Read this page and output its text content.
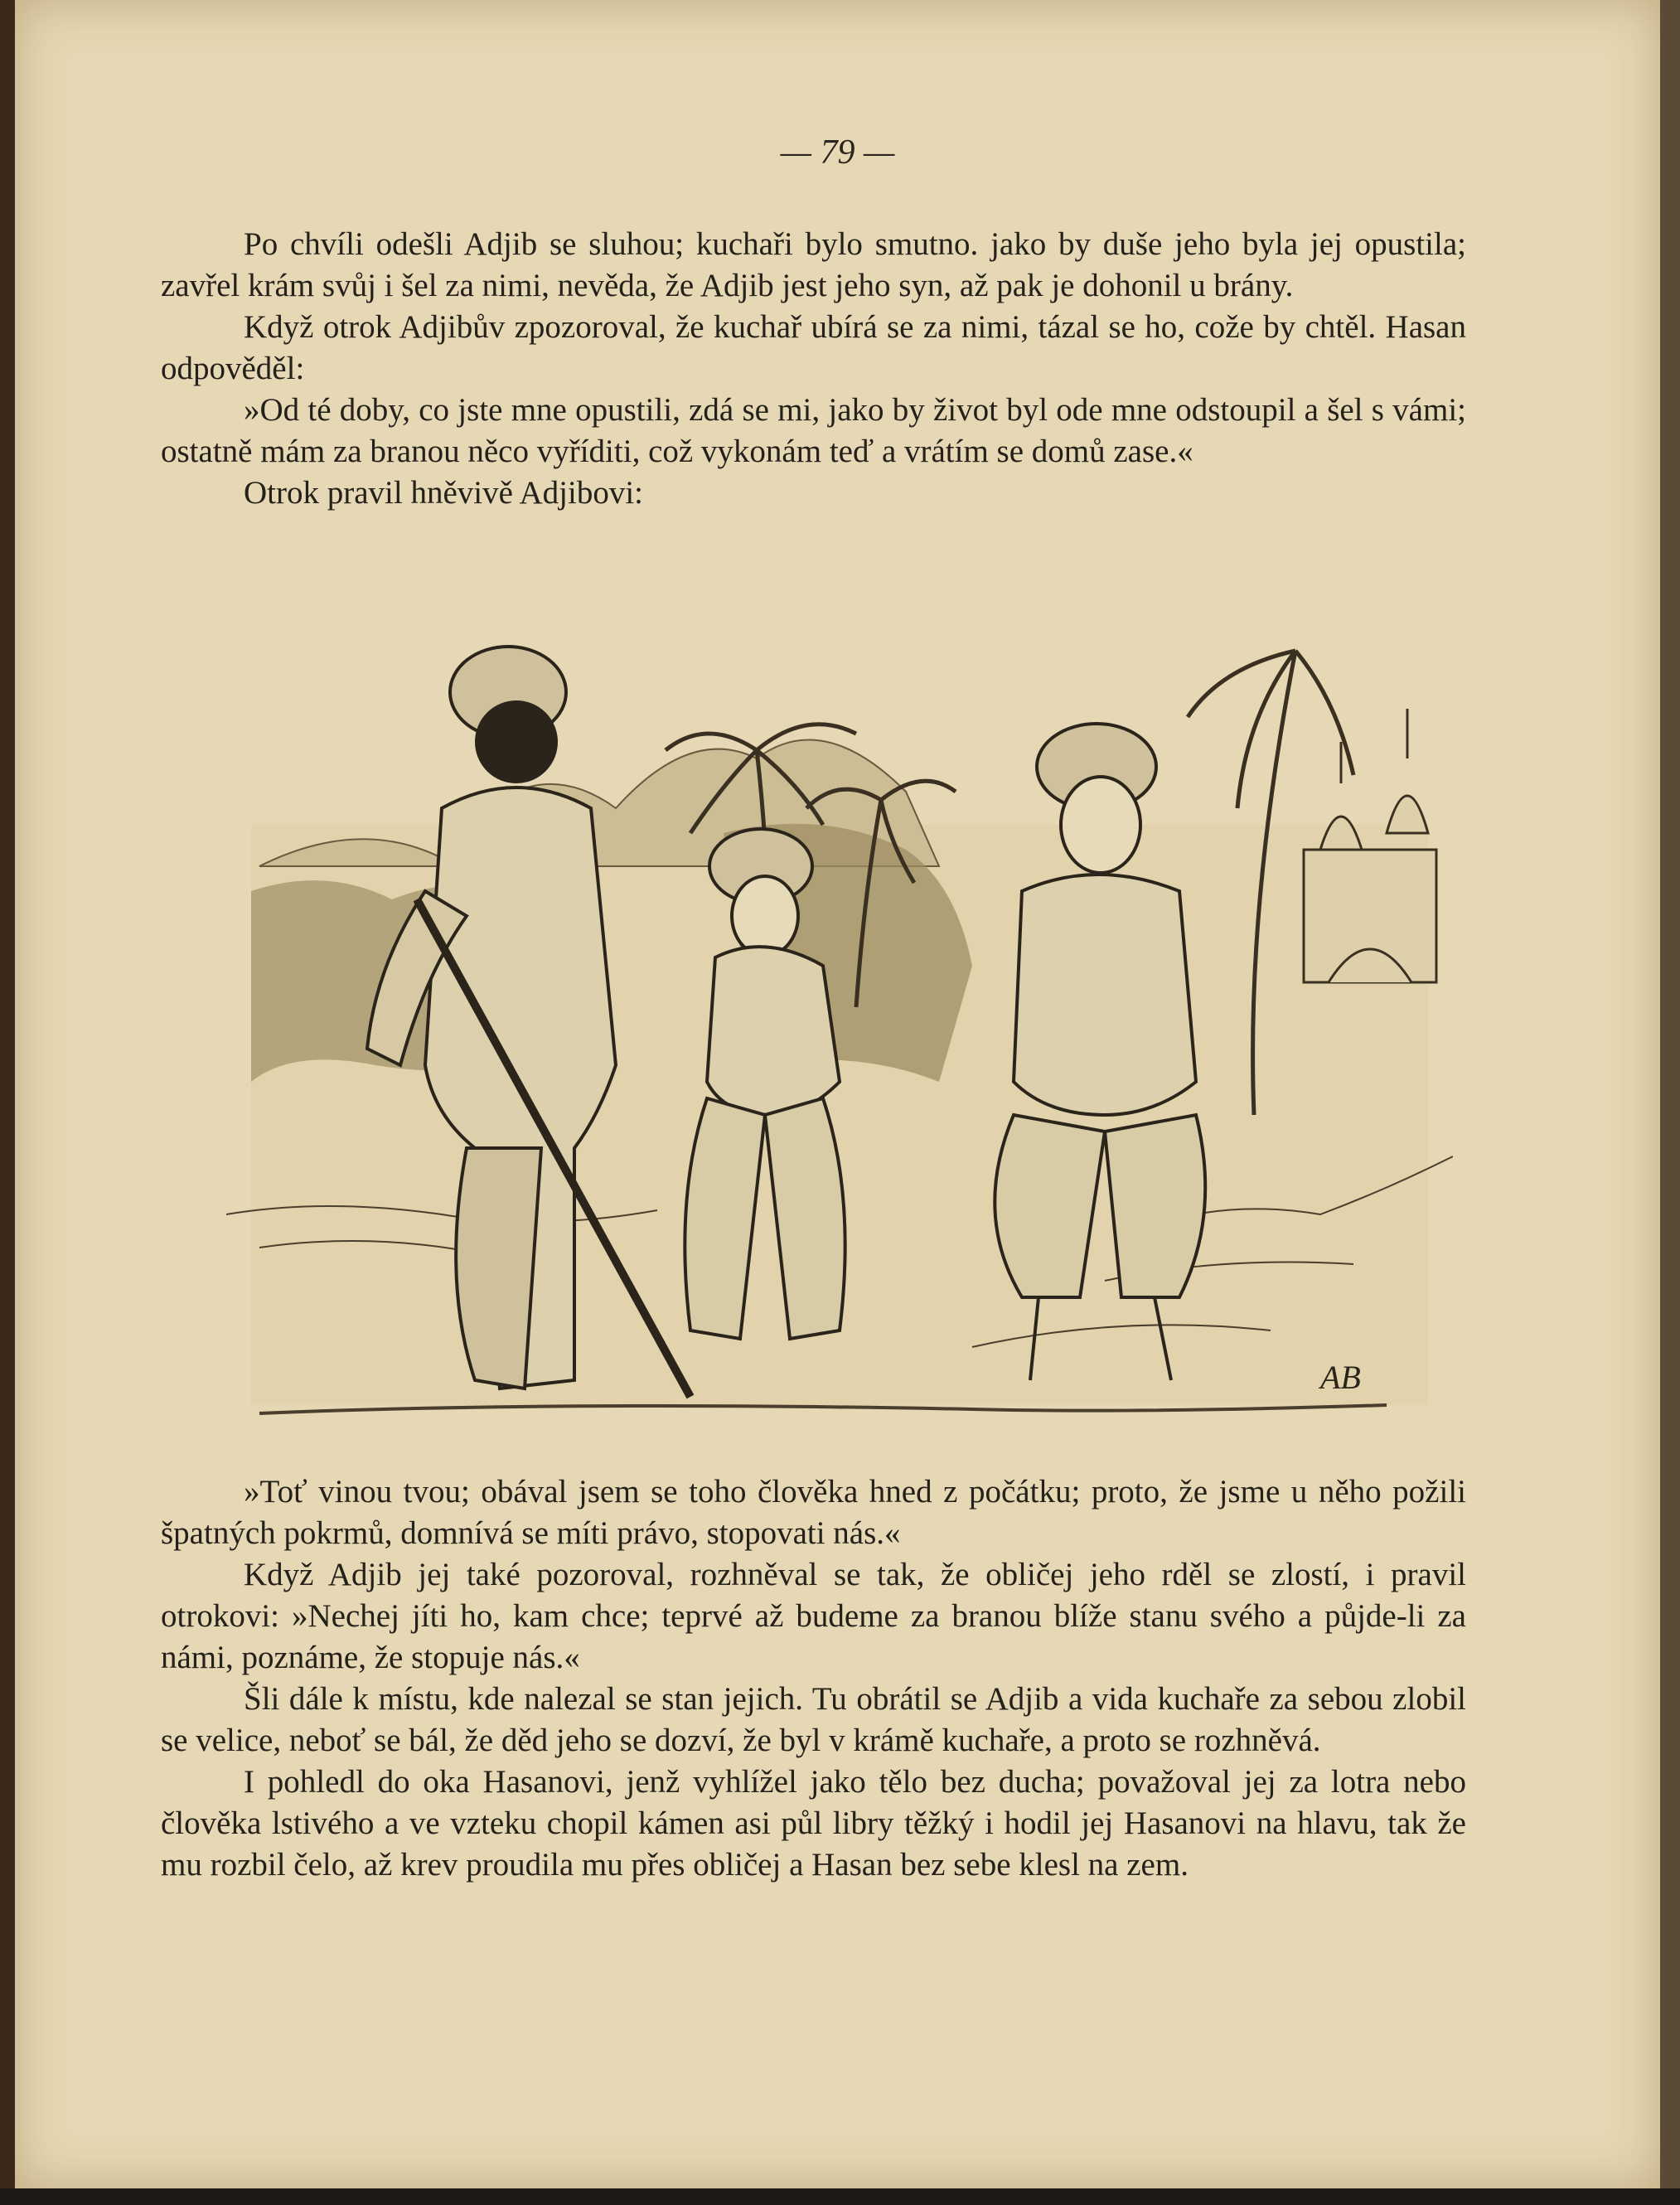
— 79 —

Po chvíli odešli Adjib se sluhou; kuchaři bylo smutno. jako by duše jeho byla jej opustila; zavřel krám svůj i šel za nimi, nevěda, že Adjib jest jeho syn, až pak je dohonil u brány.

Když otrok Adjibův zpozoroval, že kuchař ubírá se za nimi, tázal se ho, cože by chtěl. Hasan odpověděl:

»Od té doby, co jste mne opustili, zdá se mi, jako by život byl ode mne odstoupil a šel s vámi; ostatně mám za branou něco vyříditi, což vykonám teď a vrátím se domů zase.«

Otrok pravil hněvivě Adjibovi:

AB

»Toť vinou tvou; obával jsem se toho člověka hned z počátku; proto, že jsme u něho požili špatných pokrmů, domnívá se míti právo, stopovati nás.«

Když Adjib jej také pozoroval, rozhněval se tak, že obličej jeho rděl se zlostí, i pravil otrokovi: »Nechej jíti ho, kam chce; teprvé až budeme za branou blíže stanu svého a půjde-li za námi, poznáme, že stopuje nás.«

Šli dále k místu, kde nalezal se stan jejich. Tu obrátil se Adjib a vida kuchaře za sebou zlobil se velice, neboť se bál, že děd jeho se dozví, že byl v krámě kuchaře, a proto se rozhněvá.

I pohledl do oka Hasanovi, jenž vyhlížel jako tělo bez ducha; považoval jej za lotra nebo člověka lstivého a ve vzteku chopil kámen asi půl libry těžký i hodil jej Hasanovi na hlavu, tak že mu rozbil čelo, až krev proudila mu přes obličej a Hasan bez sebe klesl na zem.
